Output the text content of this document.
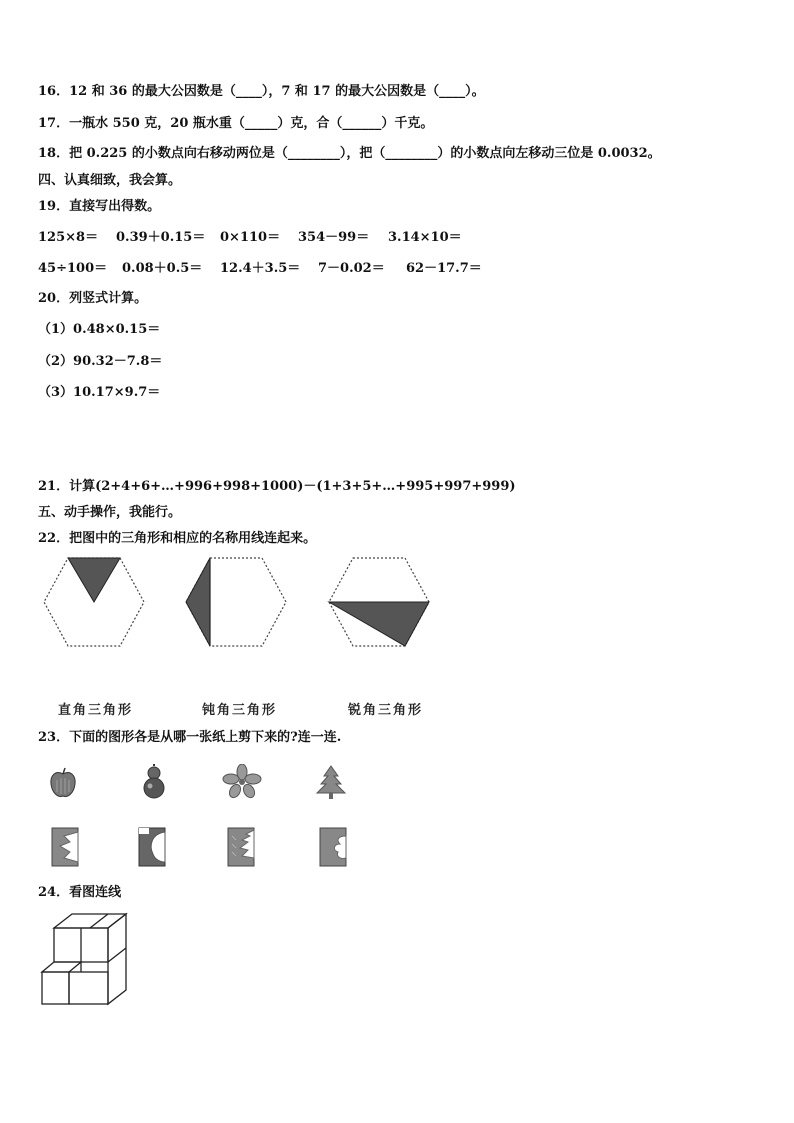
16．12 和 36 的最大公因数是（____），7 和 17 的最大公因数是（____）。
17．一瓶水 550 克，20 瓶水重（_____）克，合（______）千克。
18．把 0.225 的小数点向右移动两位是（________），把（________）的小数点向左移动三位是 0.0032。
四、认真细致，我会算。
19．直接写出得数。
125×8＝ 0.39＋0.15＝ 0×110＝ 354－99＝ 3.14×10＝
45÷100＝ 0.08＋0.5＝ 12.4＋3.5＝ 7－0.02＝ 62－17.7＝
20．列竖式计算。
（1）0.48×0.15＝
（2）90.32－7.8＝
（3）10.17×9.7＝
21．计算(2+4+6+…+996+998+1000)－(1+3+5+…+995+997+999)
五、动手操作，我能行。
22．把图中的三角形和相应的名称用线连起来。
直角三角形	钝角三角形	锐角三角形
23．下面的图形各是从哪一张纸上剪下来的?连一连.
24．看图连线
